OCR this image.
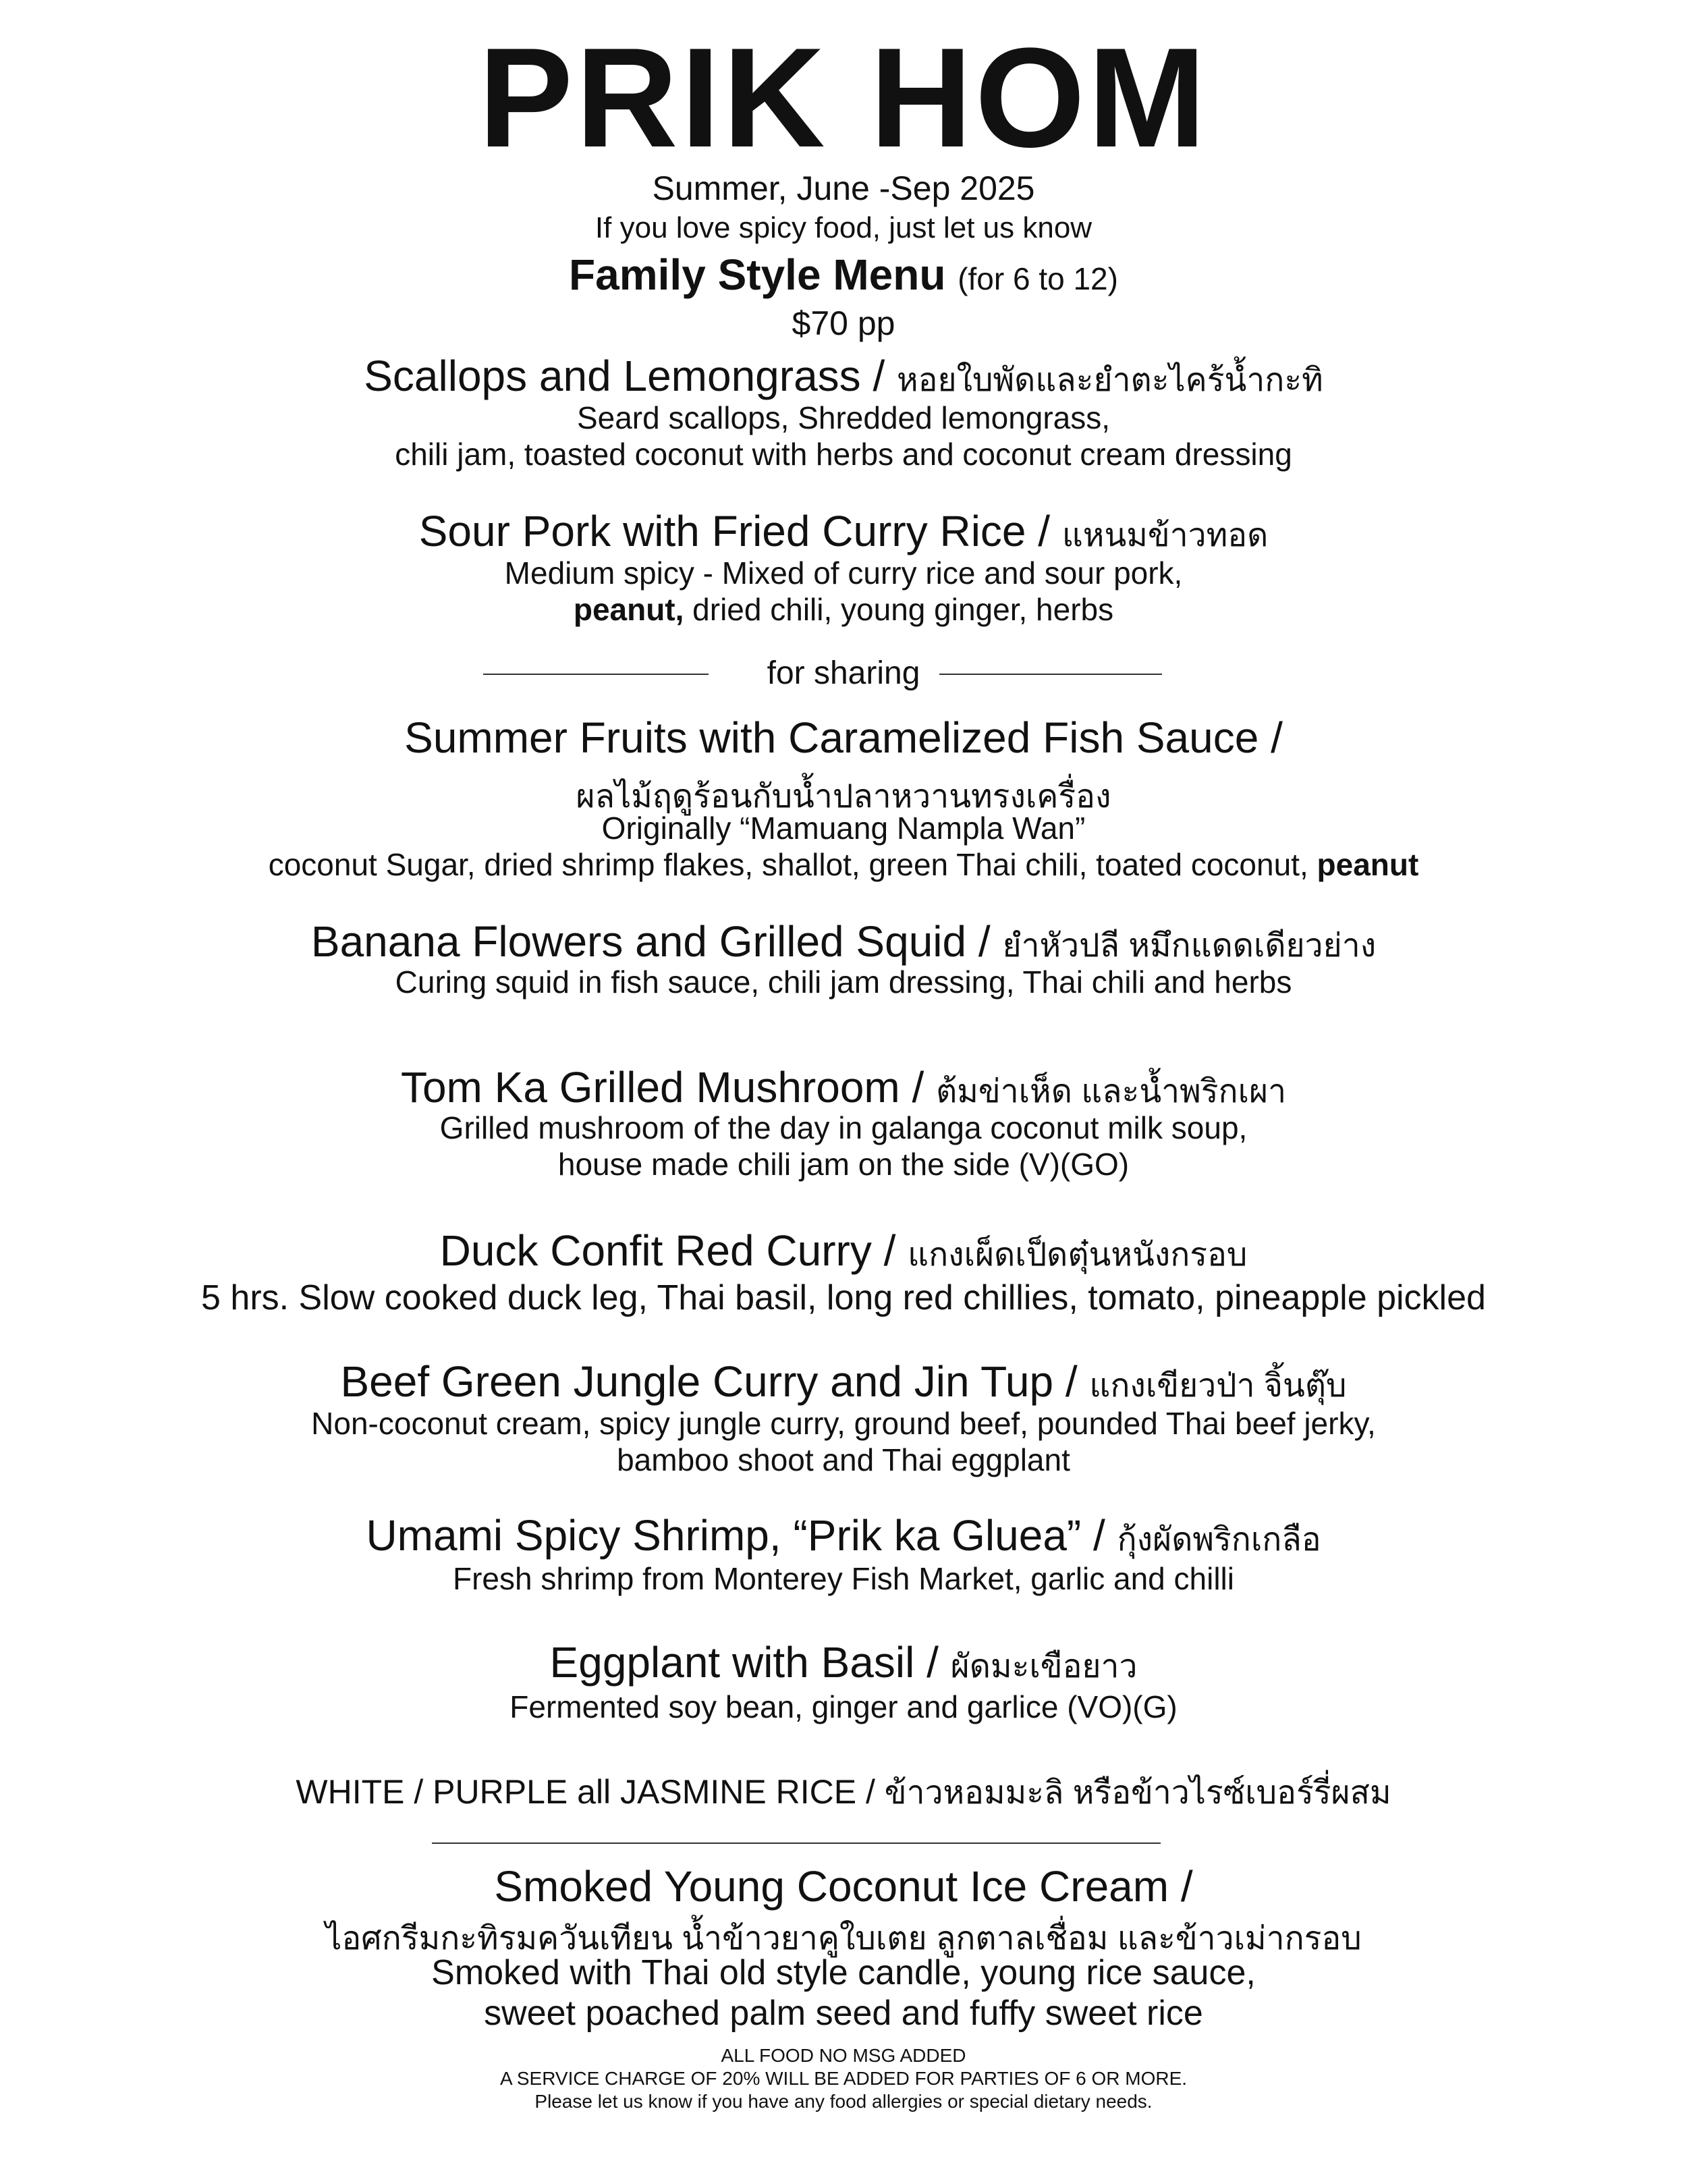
PRIK HOM
Summer, June -Sep 2025
If you love spicy food, just let us know
Family Style Menu (for 6 to 12)
$70 pp
Scallops and Lemongrass / หอยใบพัดและยำตะไคร้น้ำกะทิ
Seard scallops, Shredded lemongrass,
chili jam, toasted coconut with herbs and coconut cream dressing
Sour Pork with Fried Curry Rice / แหนมข้าวทอด
Medium spicy - Mixed of curry rice and sour pork,
peanut, dried chili, young ginger, herbs
for sharing
Summer Fruits with Caramelized Fish Sauce /
ผลไม้ฤดูร้อนกับน้ำปลาหวานทรงเครื่อง
Originally “Mamuang Nampla Wan”
coconut Sugar, dried shrimp flakes, shallot, green Thai chili, toated coconut, peanut
Banana Flowers and Grilled Squid / ยำหัวปลี หมึกแดดเดียวย่าง
Curing squid in fish sauce, chili jam dressing, Thai chili and herbs
Tom Ka Grilled Mushroom / ต้มข่าเห็ด และน้ำพริกเผา
Grilled mushroom of the day in galanga coconut milk soup,
house made chili jam on the side (V)(GO)
Duck Confit Red Curry / แกงเผ็ดเป็ดตุ๋นหนังกรอบ
5 hrs. Slow cooked duck leg, Thai basil, long red chillies, tomato, pineapple pickled
Beef Green Jungle Curry and Jin Tup / แกงเขียวป่า จิ้นตุ๊บ
Non-coconut cream, spicy jungle curry, ground beef, pounded Thai beef jerky,
bamboo shoot and Thai eggplant
Umami Spicy Shrimp, “Prik ka Gluea” / กุ้งผัดพริกเกลือ
Fresh shrimp from Monterey Fish Market, garlic and chilli
Eggplant with Basil / ผัดมะเขือยาว
Fermented soy bean, ginger and garlice (VO)(G)
WHITE / PURPLE all JASMINE RICE / ข้าวหอมมะลิ หรือข้าวไรซ์เบอร์รี่ผสม
Smoked Young Coconut Ice Cream /
ไอศกรีมกะทิรมควันเทียน น้ำข้าวยาคูใบเตย ลูกตาลเชื่อม และข้าวเม่ากรอบ
Smoked with Thai old style candle, young rice sauce,
sweet poached palm seed and fuffy sweet rice
ALL FOOD NO MSG ADDED
A SERVICE CHARGE OF 20% WILL BE ADDED FOR PARTIES OF 6 OR MORE.
Please let us know if you have any food allergies or special dietary needs.
